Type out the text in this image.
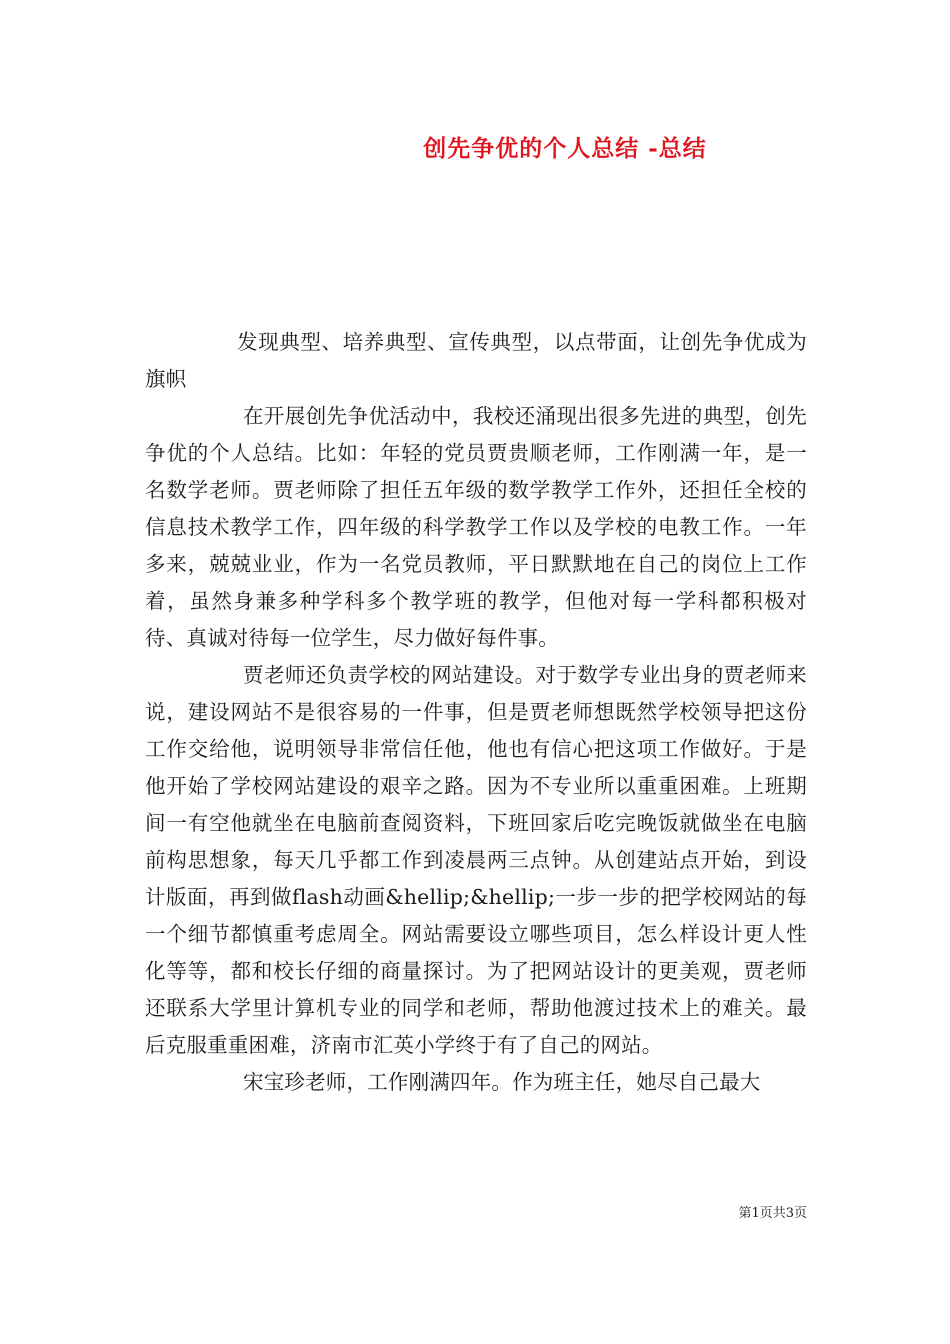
创先争优的个人总结 -总结

发现典型、培养典型、宣传典型，以点带面，让创先争优成为旗帜

在开展创先争优活动中，我校还涌现出很多先进的典型，创先争优的个人总结。比如：年轻的党员贾贵顺老师，工作刚满一年，是一名数学老师。贾老师除了担任五年级的数学教学工作外，还担任全校的信息技术教学工作，四年级的科学教学工作以及学校的电教工作。一年多来，兢兢业业，作为一名党员教师，平日默默地在自己的岗位上工作着，虽然身兼多种学科多个教学班的教学，但他对每一学科都积极对待、真诚对待每一位学生，尽力做好每件事。

贾老师还负责学校的网站建设。对于数学专业出身的贾老师来说，建设网站不是很容易的一件事，但是贾老师想既然学校领导把这份工作交给他，说明领导非常信任他，他也有信心把这项工作做好。于是他开始了学校网站建设的艰辛之路。因为不专业所以重重困难。上班期间一有空他就坐在电脑前查阅资料，下班回家后吃完晚饭就做坐在电脑前构思想象，每天几乎都工作到凌晨两三点钟。从创建站点开始，到设计版面，再到做flash动画&hellip;&hellip;一步一步的把学校网站的每一个细节都慎重考虑周全。网站需要设立哪些项目，怎么样设计更人性化等等，都和校长仔细的商量探讨。为了把网站设计的更美观，贾老师还联系大学里计算机专业的同学和老师，帮助他渡过技术上的难关。最后克服重重困难，济南市汇英小学终于有了自己的网站。

宋宝珍老师，工作刚满四年。作为班主任，她尽自己最大

第1页共3页
